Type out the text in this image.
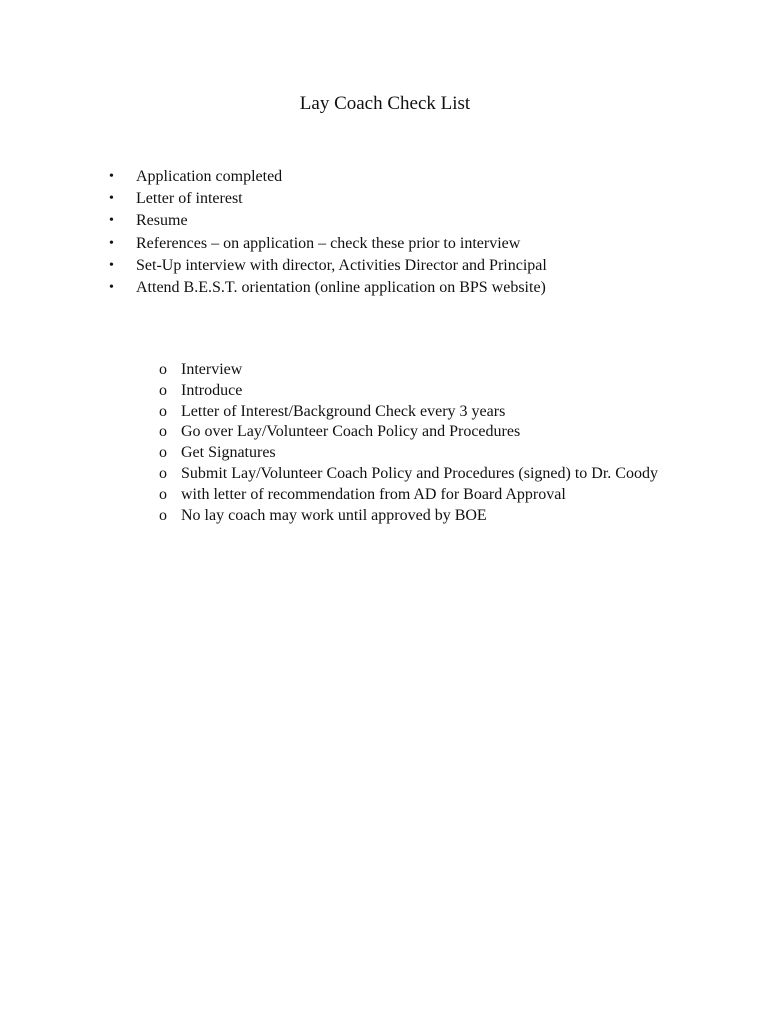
Lay Coach Check List
•	Application completed
•	Letter of interest
•	Resume
•	References – on application – check these prior to interview
•	Set-Up interview with director, Activities Director and Principal
•	Attend B.E.S.T. orientation (online application on BPS website)
o Interview
o Introduce
o Letter of Interest/Background Check every 3 years
o Go over Lay/Volunteer Coach Policy and Procedures
o Get Signatures
o Submit Lay/Volunteer Coach Policy and Procedures (signed) to Dr. Coody
o with letter of recommendation from AD for Board Approval
o No lay coach may work until approved by BOE
